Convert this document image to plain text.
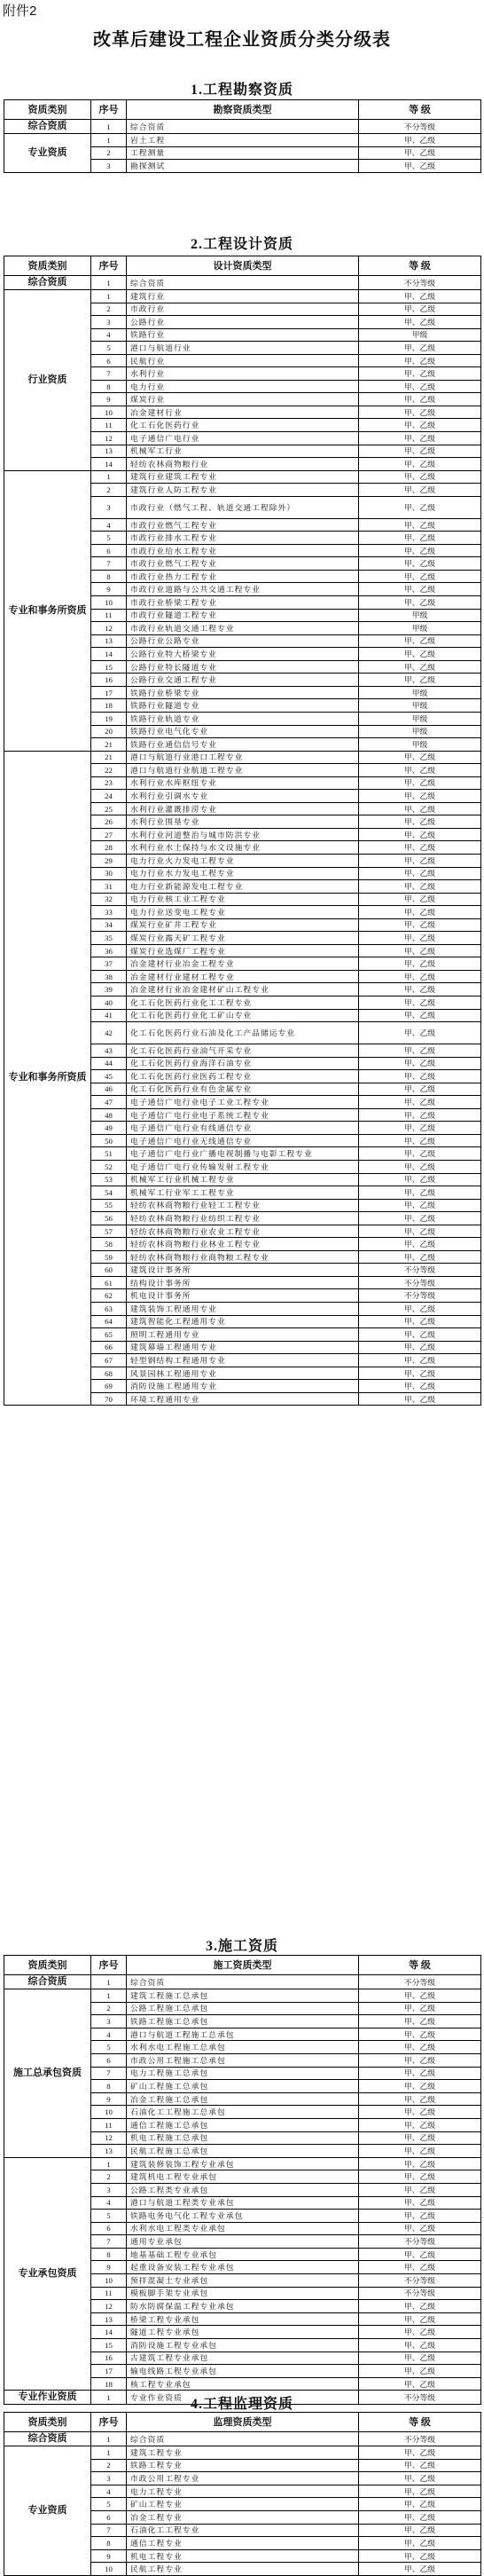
附件2
改革后建设工程企业资质分类分级表
1.工程勘察资质
资质类别	序号	勘察资质类型	等 级
综合资质	1	综合资质	不分等级
专业资质	1	岩土工程	甲、乙级
	2	工程测量	甲、乙级
	3	勘探测试	甲、乙级
2.工程设计资质
资质类别	序号	设计资质类型	等 级
综合资质	1	综合资质	不分等级
行业资质	1	建筑行业	甲、乙级
	2	市政行业	甲、乙级
	3	公路行业	甲、乙级
	4	铁路行业	甲级
	5	港口与航道行业	甲、乙级
	6	民航行业	甲、乙级
	7	水利行业	甲、乙级
	8	电力行业	甲、乙级
	9	煤炭行业	甲、乙级
	10	冶金建材行业	甲、乙级
	11	化工石化医药行业	甲、乙级
	12	电子通信广电行业	甲、乙级
	13	机械军工行业	甲、乙级
	14	轻纺农林商物粮行业	甲、乙级
专业和事务所资质	1	建筑行业建筑工程专业	甲、乙级
	2	建筑行业人防工程专业	甲、乙级
	3	市政行业（燃气工程、轨道交通工程除外）	甲、乙级
	4	市政行业燃气工程专业	甲、乙级
	5	市政行业排水工程专业	甲、乙级
	6	市政行业给水工程专业	甲、乙级
	7	市政行业燃气工程专业	甲、乙级
	8	市政行业热力工程专业	甲、乙级
	9	市政行业道路与公共交通工程专业	甲、乙级
	10	市政行业桥梁工程专业	甲、乙级
	11	市政行业隧道工程专业	甲级
	12	市政行业轨道交通工程专业	甲级
	13	公路行业公路专业	甲、乙级
	14	公路行业特大桥梁专业	甲、乙级
	15	公路行业特长隧道专业	甲、乙级
	16	公路行业交通工程专业	甲、乙级
	17	铁路行业桥梁专业	甲级
	18	铁路行业隧道专业	甲级
	19	铁路行业轨道专业	甲级
	20	铁路行业电气化专业	甲级
	21	铁路行业通信信号专业	甲级
专业和事务所资质	21	港口与航道行业港口工程专业	甲、乙级
	22	港口与航道行业航道工程专业	甲、乙级
	23	水利行业水库枢纽专业	甲、乙级
	24	水利行业引调水专业	甲、乙级
	25	水利行业灌溉排涝专业	甲、乙级
	26	水利行业围垦专业	甲、乙级
	27	水利行业河道整治与城市防洪专业	甲、乙级
	28	水利行业水土保持与水文设施专业	甲、乙级
	29	电力行业火力发电工程专业	甲、乙级
	30	电力行业水力发电工程专业	甲、乙级
	31	电力行业新能源发电工程专业	甲、乙级
	32	电力行业核工业工程专业	甲、乙级
	33	电力行业送变电工程专业	甲、乙级
	34	煤炭行业矿井工程专业	甲、乙级
	35	煤炭行业露天矿工程专业	甲、乙级
	36	煤炭行业选煤厂工程专业	甲、乙级
	37	冶金建材行业冶金工程专业	甲、乙级
	38	冶金建材行业建材工程专业	甲、乙级
	39	冶金建材行业冶金建材矿山工程专业	甲、乙级
	40	化工石化医药行业化工工程专业	甲、乙级
	41	化工石化医药行业化工矿山专业	甲、乙级
	42	化工石化医药行业石油及化工产品储运专业	甲、乙级
	43	化工石化医药行业油气开采专业	甲、乙级
	44	化工石化医药行业海洋石油专业	甲、乙级
	45	化工石化医药行业医药工程专业	甲、乙级
	46	化工石化医药行业有色金属专业	甲、乙级
	47	电子通信广电行业电子工业工程专业	甲、乙级
	48	电子通信广电行业电子系统工程专业	甲、乙级
	49	电子通信广电行业有线通信专业	甲、乙级
	50	电子通信广电行业无线通信专业	甲、乙级
	51	电子通信广电行业广播电视制播与电影工程专业	甲、乙级
	52	电子通信广电行业传输发射工程专业	甲、乙级
	53	机械军工行业机械工程专业	甲、乙级
	54	机械军工行业军工工程专业	甲、乙级
	55	轻纺农林商物粮行业轻工工程专业	甲、乙级
	56	轻纺农林商物粮行业纺织工程专业	甲、乙级
	57	轻纺农林商物粮行业农业工程专业	甲、乙级
	58	轻纺农林商物粮行业林业工程专业	甲、乙级
	59	轻纺农林商物粮行业商物粮工程专业	甲、乙级
	60	建筑设计事务所	不分等级
	61	结构设计事务所	不分等级
	62	机电设计事务所	不分等级
	63	建筑装饰工程通用专业	甲、乙级
	64	建筑智能化工程通用专业	甲、乙级
	65	照明工程通用专业	甲、乙级
	66	建筑幕墙工程通用专业	甲、乙级
	67	轻型钢结构工程通用专业	甲、乙级
	68	风景园林工程通用专业	甲、乙级
	69	消防设施工程通用专业	甲、乙级
	70	环境工程通用专业	甲、乙级
3.施工资质
资质类别	序号	施工资质类型	等 级
综合资质	1	综合资质	不分等级
施工总承包资质	1	建筑工程施工总承包	甲、乙级
	2	公路工程施工总承包	甲、乙级
	3	铁路工程施工总承包	甲、乙级
	4	港口与航道工程施工总承包	甲、乙级
	5	水利水电工程施工总承包	甲、乙级
	6	市政公用工程施工总承包	甲、乙级
	7	电力工程施工总承包	甲、乙级
	8	矿山工程施工总承包	甲、乙级
	9	冶金工程施工总承包	甲、乙级
	10	石油化工工程施工总承包	甲、乙级
	11	通信工程施工总承包	甲、乙级
	12	机电工程施工总承包	甲、乙级
	13	民航工程施工总承包	甲、乙级
专业承包资质	1	建筑装修装饰工程专业承包	甲、乙级
	2	建筑机电工程专业承包	甲、乙级
	3	公路工程类专业承包	甲、乙级
	4	港口与航道工程类专业承包	甲、乙级
	5	铁路电务电气化工程专业承包	甲、乙级
	6	水利水电工程类专业承包	甲、乙级
	7	通用专业承包	不分等级
	8	地基基础工程专业承包	甲、乙级
	9	起重设备安装工程专业承包	甲、乙级
	10	预拌混凝土专业承包	不分等级
	11	模板脚手架专业承包	不分等级
	12	防水防腐保温工程专业承包	甲、乙级
	13	桥梁工程专业承包	甲、乙级
	14	隧道工程专业承包	甲、乙级
	15	消防设施工程专业承包	甲、乙级
	16	古建筑工程专业承包	甲、乙级
	17	输电线路工程专业承包	甲、乙级
	18	核工程专业承包	甲、乙级
专业作业资质	1	专业作业资质	不分等级
4.工程监理资质
资质类别	序号	监理资质类型	等 级
综合资质	1	综合资质	不分等级
专业资质	1	建筑工程专业	甲、乙级
	2	铁路工程专业	甲、乙级
	3	市政公用工程专业	甲、乙级
	4	电力工程专业	甲、乙级
	5	矿山工程专业	甲、乙级
	6	冶金工程专业	甲、乙级
	7	石油化工工程专业	甲、乙级
	8	通信工程专业	甲、乙级
	9	机电工程专业	甲、乙级
	10	民航工程专业	甲、乙级
